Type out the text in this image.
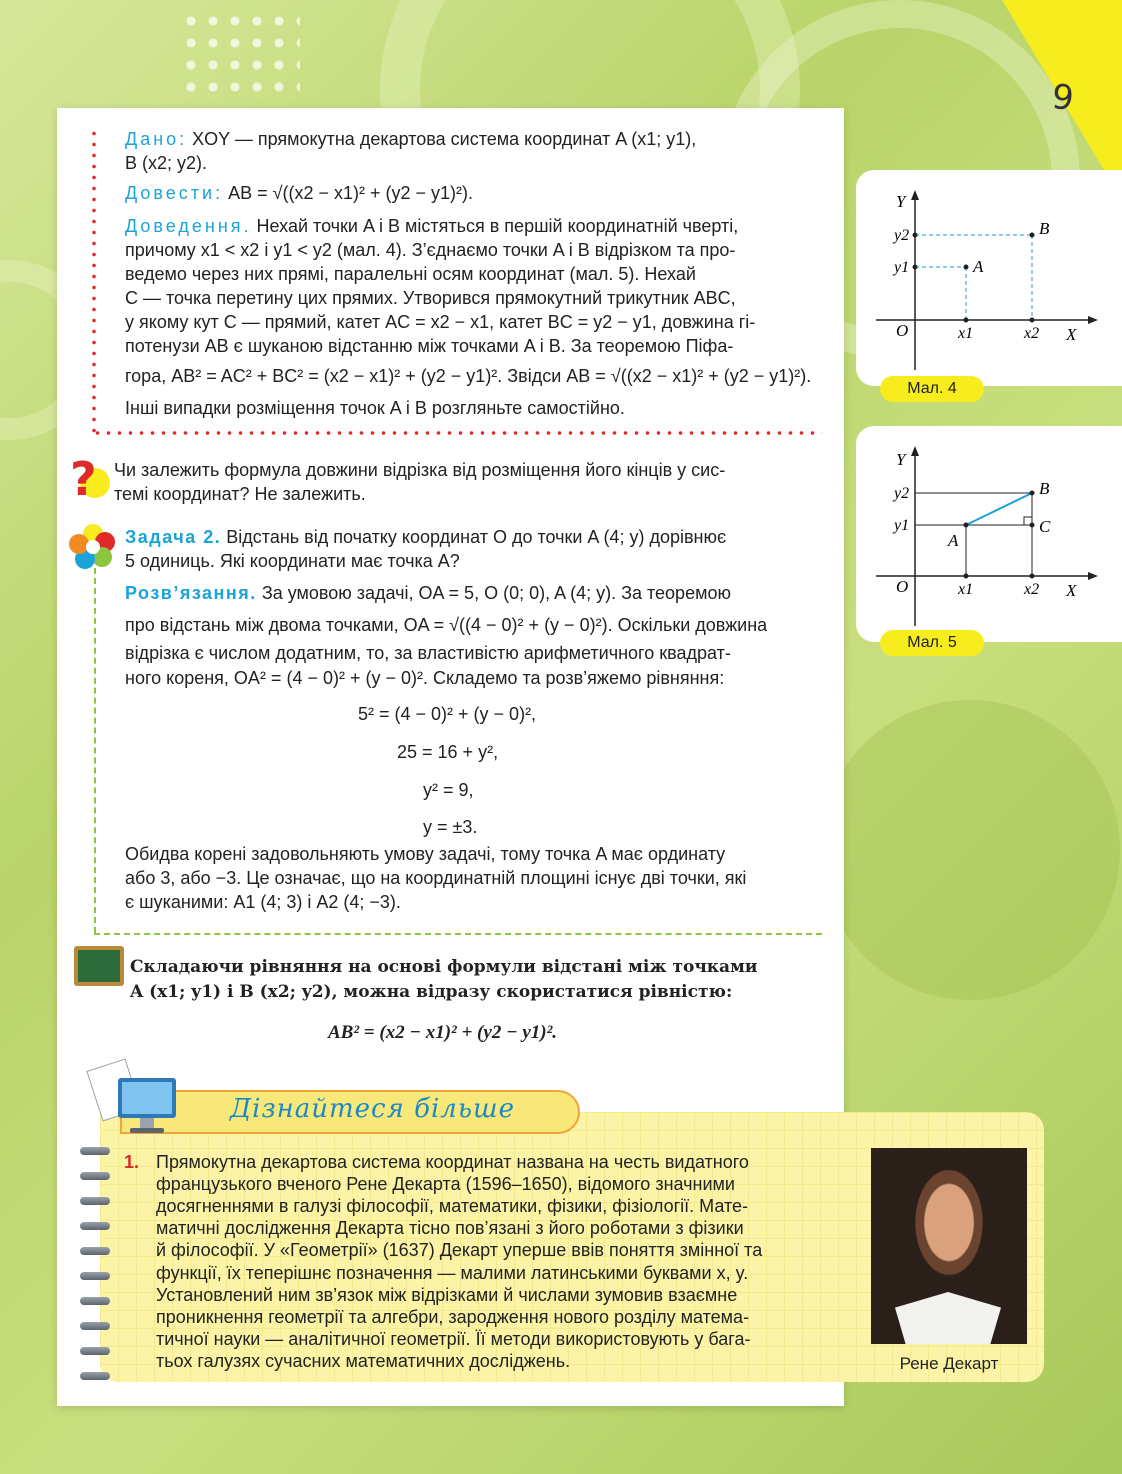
9
Дано: XOY — прямокутна декартова система координат A (x1; y1),
B (x2; y2).
Довести: AB = √((x2 − x1)² + (y2 − y1)²).
Доведення. Нехай точки A і B містяться в першій координатній чверті,
причому x1 < x2 і y1 < y2 (мал. 4). З’єднаємо точки A і B відрізком та про-
ведемо через них прямі, паралельні осям координат (мал. 5). Нехай
C — точка перетину цих прямих. Утворився прямокутний трикутник ABC,
у якому кут C — прямий, катет AC = x2 − x1, катет BC = y2 − y1, довжина гі-
потенузи AB є шуканою відстанню між точками A і B. За теоремою Піфа-
гора, AB² = AC² + BC² = (x2 − x1)² + (y2 − y1)². Звідси AB = √((x2 − x1)² + (y2 − y1)²).
Інші випадки розміщення точок A і B розгляньте самостійно.
? Чи залежить формула довжини відрізка від розміщення його кінців у сис-
темі координат? Не залежить.
Задача 2. Відстань від початку координат O до точки A (4; y) дорівнює
5 одиниць. Які координати має точка A?
Розв’язання. За умовою задачі, OA = 5, O (0; 0), A (4; y). За теоремою
про відстань між двома точками, OA = √((4 − 0)² + (y − 0)²). Оскільки довжина
відрізка є числом додатним, то, за властивістю арифметичного квадрат-
ного кореня, OA² = (4 − 0)² + (y − 0)². Складемо та розв’яжемо рівняння:
5² = (4 − 0)² + (y − 0)²,
25 = 16 + y²,
y² = 9,
y = ±3.
Обидва корені задовольняють умову задачі, тому точка A має ординату
або 3, або −3. Це означає, що на координатній площині існує дві точки, які
є шуканими: A1 (4; 3) і A2 (4; −3).
Складаючи рівняння на основі формули відстані між точками
A (x1; y1) і B (x2; y2), можна відразу скористатися рівністю:
AB² = (x2 − x1)² + (y2 − y1)².
Y
X
O
y2
y1
x1	x2
A
B
Мал. 4
Y
X
O
y2
y1
x1	x2
A
B
C
Мал. 5
Дізнайтеся більше
1. Прямокутна декартова система координат названа на честь видатного
французького вченого Рене Декарта (1596–1650), відомого значними
досягненнями в галузі філософії, математики, фізики, фізіології. Мате-
матичні дослідження Декарта тісно пов’язані з його роботами з фізики
й філософії. У «Геометрії» (1637) Декарт уперше ввів поняття змінної та
функції, їх теперішнє позначення — малими латинськими буквами x, y.
Установлений ним зв’язок між відрізками й числами зумовив взаємне
проникнення геометрії та алгебри, зародження нового розділу матема-
тичної науки — аналітичної геометрії. Її методи використовують у бага-
тьох галузях сучасних математичних досліджень.	Рене Декарт
